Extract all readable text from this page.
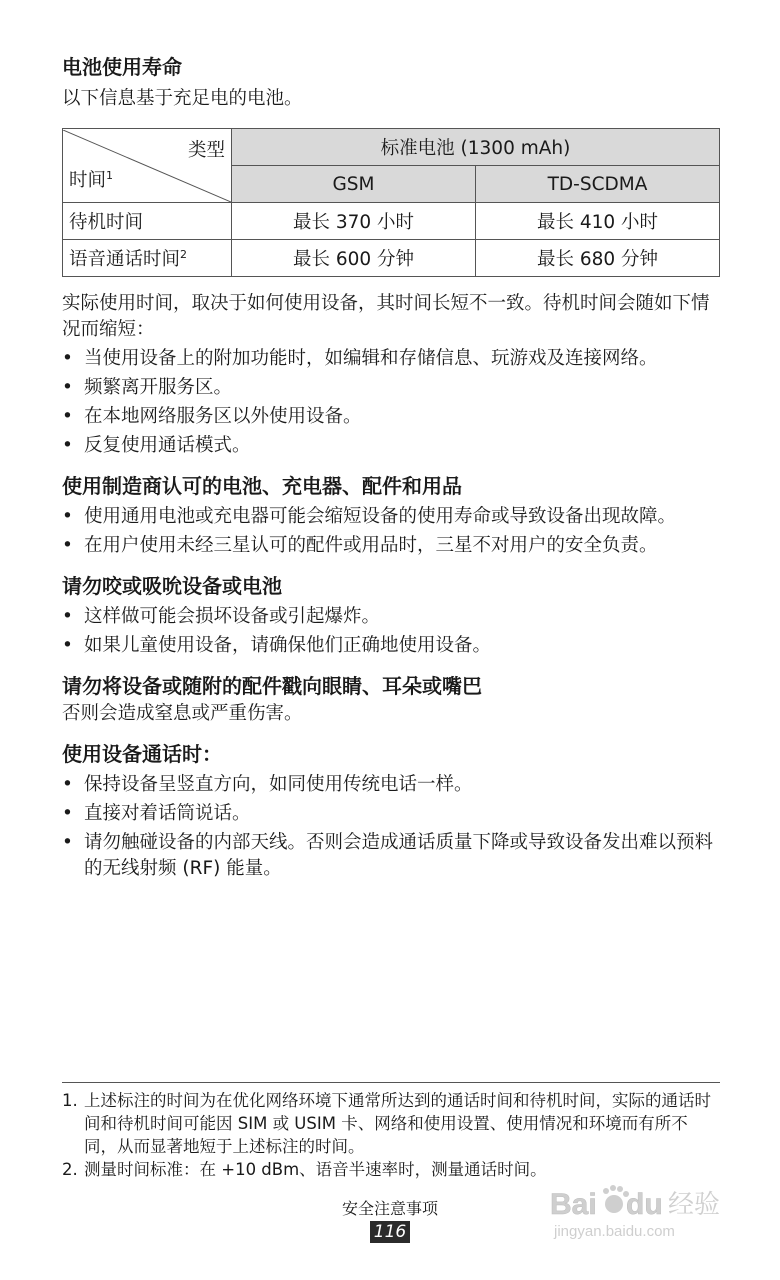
电池使用寿命

以下信息基于充足电的电池。

类型
时间$^1$	标准电池 (1300 mAh)	
	GSM	TD-SCDMA
待机时间	最长 370 小时	最长 410 小时
语音通话时间$^2$	最长 600 分钟	最长 680 分钟

实际使用时间，取决于如何使用设备，其时间长短不一致。待机时间会随如下情况而缩短：

• 当使用设备上的附加功能时，如编辑和存储信息、玩游戏及连接网络。
• 频繁离开服务区。
• 在本地网络服务区以外使用设备。
• 反复使用通话模式。
使用制造商认可的电池、充电器、配件和用品
• 使用通用电池或充电器可能会缩短设备的使用寿命或导致设备出现故障。
• 在用户使用未经三星认可的配件或用品时，三星不对用户的安全负责。
请勿咬或吸吮设备或电池
• 这样做可能会损坏设备或引起爆炸。
• 如果儿童使用设备，请确保他们正确地使用设备。
请勿将设备或随附的配件戳向眼睛、耳朵或嘴巴

否则会造成窒息或严重伤害。

使用设备通话时：
• 保持设备呈竖直方向，如同使用传统电话一样。
• 直接对着话筒说话。
• 请勿触碰设备的内部天线。否则会造成通话质量下降或导致设备发出难以预料的无线射频 (RF) 能量。
1. 上述标注的时间为在优化网络环境下通常所达到的通话时间和待机时间，实际的通话时间和待机时间可能因 SIM 或 USIM 卡、网络和使用设置、使用情况和环境而有所不同，从而显著地短于上述标注的时间。
2. 测量时间标准：在 +10 dBm、语音半速率时，测量通话时间。
安全注意事项
116
Bai du 经验
jingyan.baidu.com
